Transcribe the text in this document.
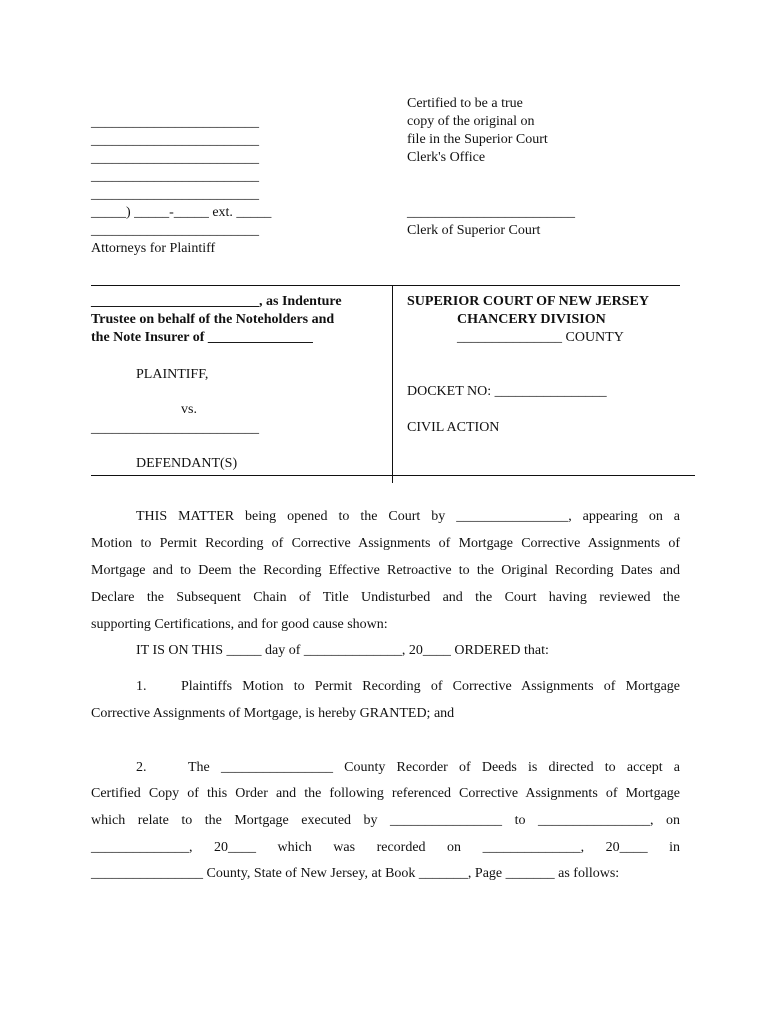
________________________
________________________
________________________
________________________
________________________
_____) _____-_____ ext. _____
________________________
Attorneys for Plaintiff
Certified to be a true
copy of the original on
file in the Superior Court
Clerk's Office
________________________
Clerk of Superior Court
________________________, as Indenture
Trustee on behalf of the Noteholders and
the Note Insurer of _______________
PLAINTIFF,
vs.
________________________
DEFENDANT(S)
SUPERIOR COURT OF NEW JERSEY
CHANCERY DIVISION
_______________ COUNTY
DOCKET NO: ________________
CIVIL ACTION
THIS MATTER being opened to the Court by ________________, appearing on a
Motion to Permit Recording of Corrective Assignments of Mortgage Corrective Assignments of
Mortgage and to Deem the Recording Effective Retroactive to the Original Recording Dates and
Declare the Subsequent Chain of Title Undisturbed and the Court having reviewed the
supporting Certifications, and for good cause shown:
IT IS ON THIS _____ day of ______________, 20____ ORDERED that:
1. Plaintiffs Motion to Permit Recording of Corrective Assignments of Mortgage
Corrective Assignments of Mortgage, is hereby GRANTED; and
2.	The ________________ County Recorder of Deeds is directed to accept a
Certified Copy of this Order and the following referenced Corrective Assignments of Mortgage
which relate to the Mortgage executed by ________________ to ________________, on
______________, 20____ which was recorded on ______________, 20____ in
________________ County, State of New Jersey, at Book _______, Page _______ as follows:
